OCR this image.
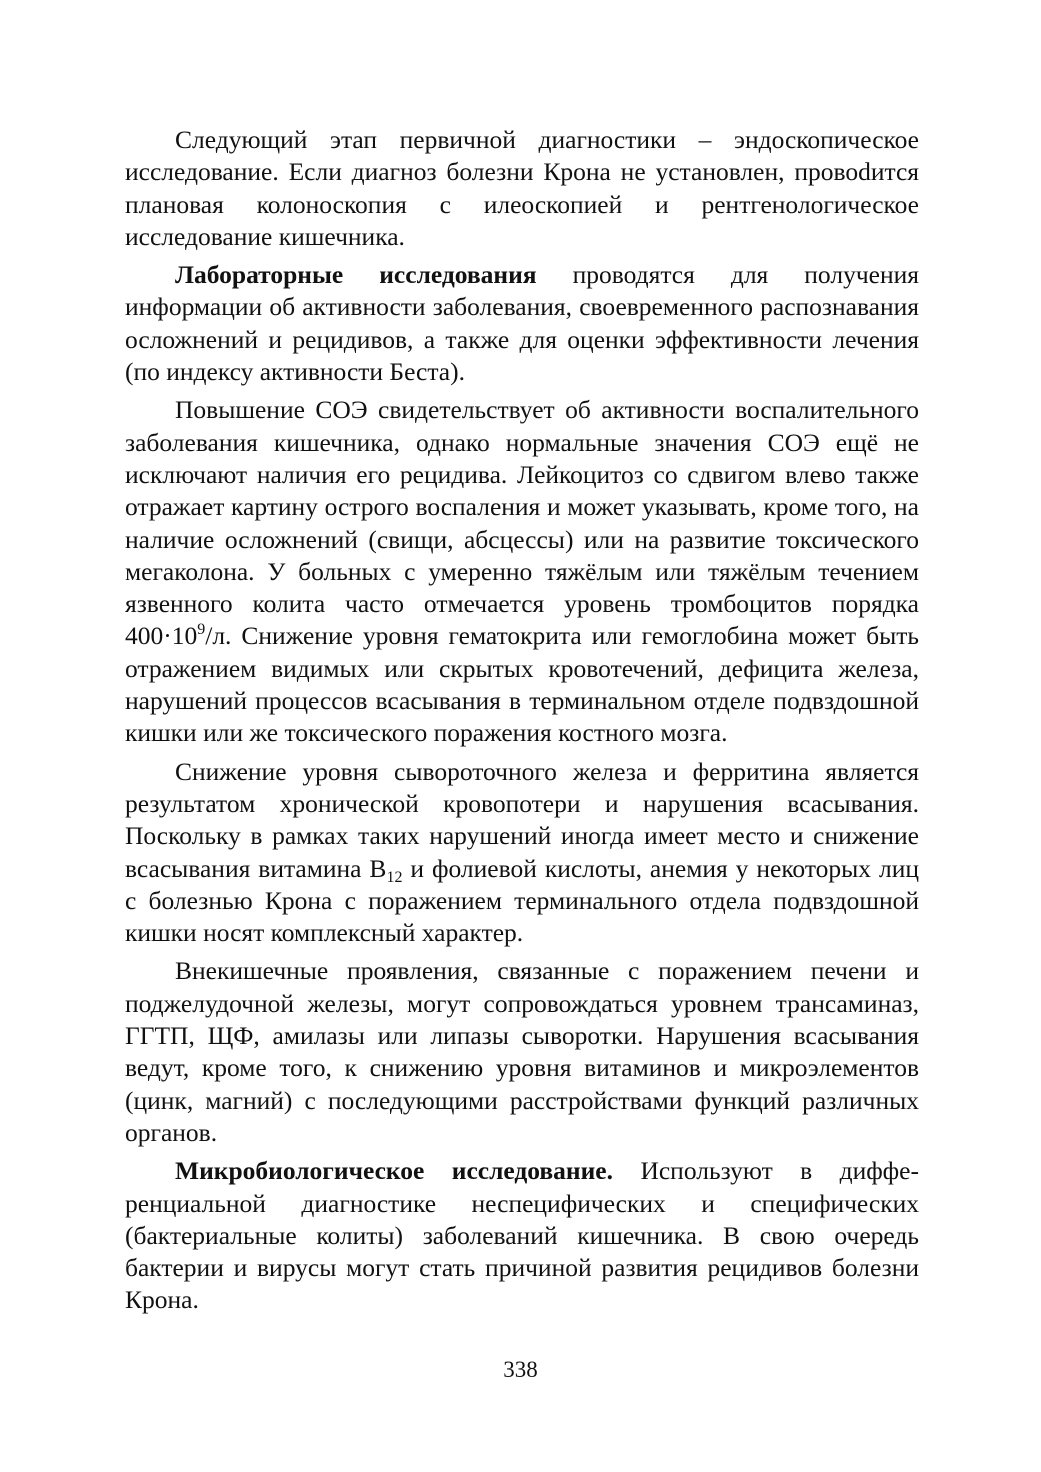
Следующий этап первичной диагностики – эндоскопическое исследование. Если диагноз болезни Крона не установлен, провоdится плановая колоноскопия с илеоскопией и рентгенологическое исследование кишечника.

Лабораторные исследования проводятся для получения информации об активности заболевания, своевременного распознавания осложнений и рецидивов, а также для оценки эффективности лечения (по индексу активности Беста).

Повышение СОЭ свидетельствует об активности воспалительного заболевания кишечника, однако нормальные значения СОЭ ещё не исключают наличия его рецидива. Лейкоцитоз со сдвигом влево также отражает картину острого воспаления и может указывать, кроме того, на наличие осложнений (свищи, абсцессы) или на развитие токсического мегаколона. У больных с умеренно тяжёлым или тяжёлым течением язвенного колита часто отмечается уровень тромбоцитов порядка $400\cdot 10^9/л$. Снижение уровня гематокрита или гемоглобина может быть отражением видимых или скрытых кровотечений, дефицита железа, нарушений процессов всасывания в терминальном отделе подвздошной кишки или же токсического поражения костного мозга.

Снижение уровня сывороточного железа и ферритина является результатом хронической кровопотери и нарушения всасывания. Поскольку в рамках таких нарушений иногда имеет место и снижение всасывания витамина $В_{12}$ и фолиевой кислоты, анемия у некоторых лиц с болезнью Крона с поражением терминального отдела подвздошной кишки носят комплексный характер.

Внекишечные проявления, связанные с поражением печени и поджелудочной железы, могут сопровождаться уровнем трансаминаз, ГГТП, ЩФ, амилазы или липазы сыворотки. Нарушения всасывания ведут, кроме того, к снижению уровня витаминов и микроэлементов (цинк, магний) с последующими расстройствами функций различных органов.

Микробиологическое исследование. Используют в дифференциальной диагностике неспецифических и специфических (бактериальные колиты) заболеваний кишечника. В свою очередь бактерии и вирусы могут стать причиной развития рецидивов болезни Крона.

338
